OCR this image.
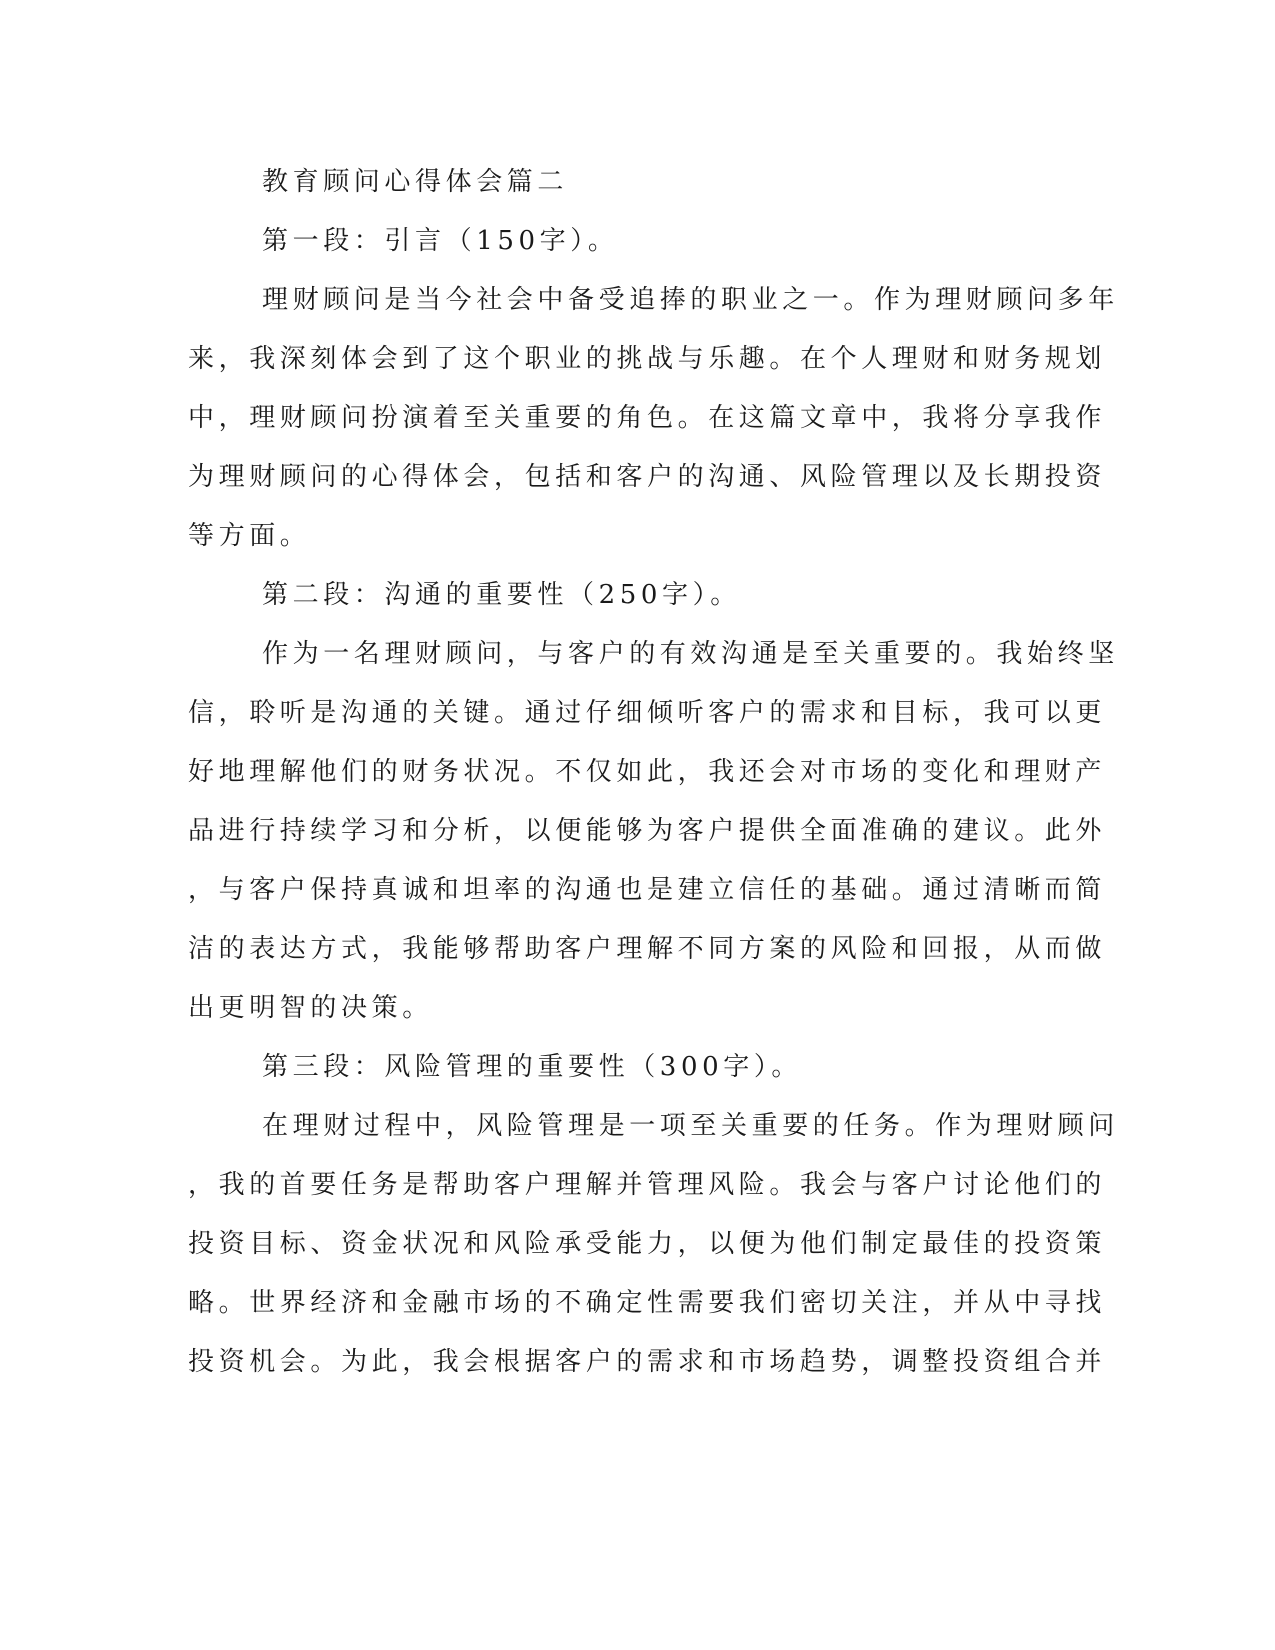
教育顾问心得体会篇二
第一段：引言（150字）。
理财顾问是当今社会中备受追捧的职业之一。作为理财顾问多年
来，我深刻体会到了这个职业的挑战与乐趣。在个人理财和财务规划
中，理财顾问扮演着至关重要的角色。在这篇文章中，我将分享我作
为理财顾问的心得体会，包括和客户的沟通、风险管理以及长期投资
等方面。
第二段：沟通的重要性（250字）。
作为一名理财顾问，与客户的有效沟通是至关重要的。我始终坚
信，聆听是沟通的关键。通过仔细倾听客户的需求和目标，我可以更
好地理解他们的财务状况。不仅如此，我还会对市场的变化和理财产
品进行持续学习和分析，以便能够为客户提供全面准确的建议。此外
，与客户保持真诚和坦率的沟通也是建立信任的基础。通过清晰而简
洁的表达方式，我能够帮助客户理解不同方案的风险和回报，从而做
出更明智的决策。
第三段：风险管理的重要性（300字）。
在理财过程中，风险管理是一项至关重要的任务。作为理财顾问
，我的首要任务是帮助客户理解并管理风险。我会与客户讨论他们的
投资目标、资金状况和风险承受能力，以便为他们制定最佳的投资策
略。世界经济和金融市场的不确定性需要我们密切关注，并从中寻找
投资机会。为此，我会根据客户的需求和市场趋势，调整投资组合并
